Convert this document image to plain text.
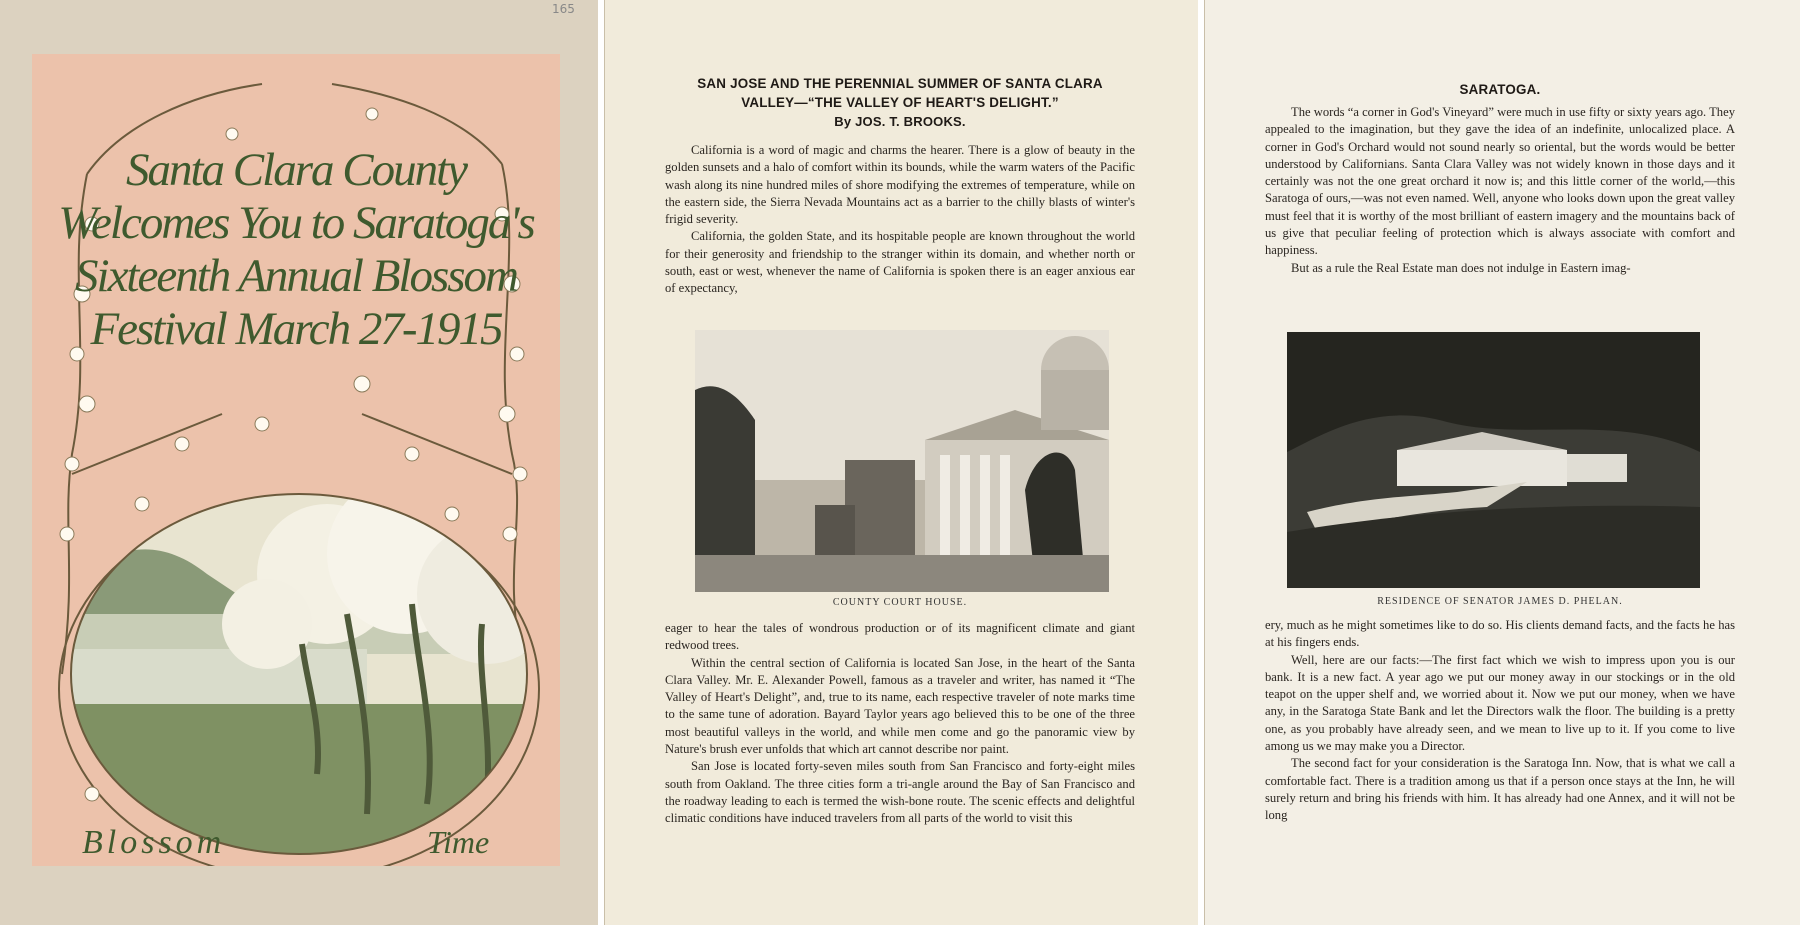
165
Santa Clara County
Welcomes You to Saratoga's
Sixteenth Annual Blossom
Festival March 27-1915
Blossom	Time
SAN JOSE AND THE PERENNIAL SUMMER OF SANTA CLARA
VALLEY—“THE VALLEY OF HEART'S DELIGHT.”
By JOS. T. BROOKS.

California is a word of magic and charms the hearer. There is a glow of beauty in the golden sunsets and a halo of comfort within its bounds, while the warm waters of the Pacific wash along its nine hundred miles of shore modifying the extremes of temperature, while on the eastern side, the Sierra Nevada Mountains act as a barrier to the chilly blasts of winter's frigid severity.

California, the golden State, and its hospitable people are known throughout the world for their generosity and friendship to the stranger within its domain, and whether north or south, east or west, whenever the name of California is spoken there is an eager anxious ear of expectancy,

COUNTY COURT HOUSE.

eager to hear the tales of wondrous production or of its magnificent climate and giant redwood trees.

Within the central section of California is located San Jose, in the heart of the Santa Clara Valley. Mr. E. Alexander Powell, famous as a traveler and writer, has named it “The Valley of Heart's Delight”, and, true to its name, each respective traveler of note marks time to the same tune of adoration. Bayard Taylor years ago believed this to be one of the three most beautiful valleys in the world, and while men come and go the panoramic view by Nature's brush ever unfolds that which art cannot describe nor paint.

San Jose is located forty-seven miles south from San Francisco and forty-eight miles south from Oakland. The three cities form a tri-angle around the Bay of San Francisco and the roadway leading to each is termed the wish-bone route. The scenic effects and delightful climatic conditions have induced travelers from all parts of the world to visit this

SARATOGA.

The words “a corner in God's Vineyard” were much in use fifty or sixty years ago. They appealed to the imagination, but they gave the idea of an indefinite, unlocalized place. A corner in God's Orchard would not sound nearly so oriental, but the words would be better understood by Californians. Santa Clara Valley was not widely known in those days and it certainly was not the one great orchard it now is; and this little corner of the world,—this Saratoga of ours,—was not even named. Well, anyone who looks down upon the great valley must feel that it is worthy of the most brilliant of eastern imagery and the mountains back of us give that peculiar feeling of protection which is always associate with comfort and happiness.

But as a rule the Real Estate man does not indulge in Eastern imag-

RESIDENCE OF SENATOR JAMES D. PHELAN.

ery, much as he might sometimes like to do so. His clients demand facts, and the facts he has at his fingers ends.

Well, here are our facts:—The first fact which we wish to impress upon you is our bank. It is a new fact. A year ago we put our money away in our stockings or in the old teapot on the upper shelf and, we worried about it. Now we put our money, when we have any, in the Saratoga State Bank and let the Directors walk the floor. The building is a pretty one, as you probably have already seen, and we mean to live up to it. If you come to live among us we may make you a Director.

The second fact for your consideration is the Saratoga Inn. Now, that is what we call a comfortable fact. There is a tradition among us that if a person once stays at the Inn, he will surely return and bring his friends with him. It has already had one Annex, and it will not be long
